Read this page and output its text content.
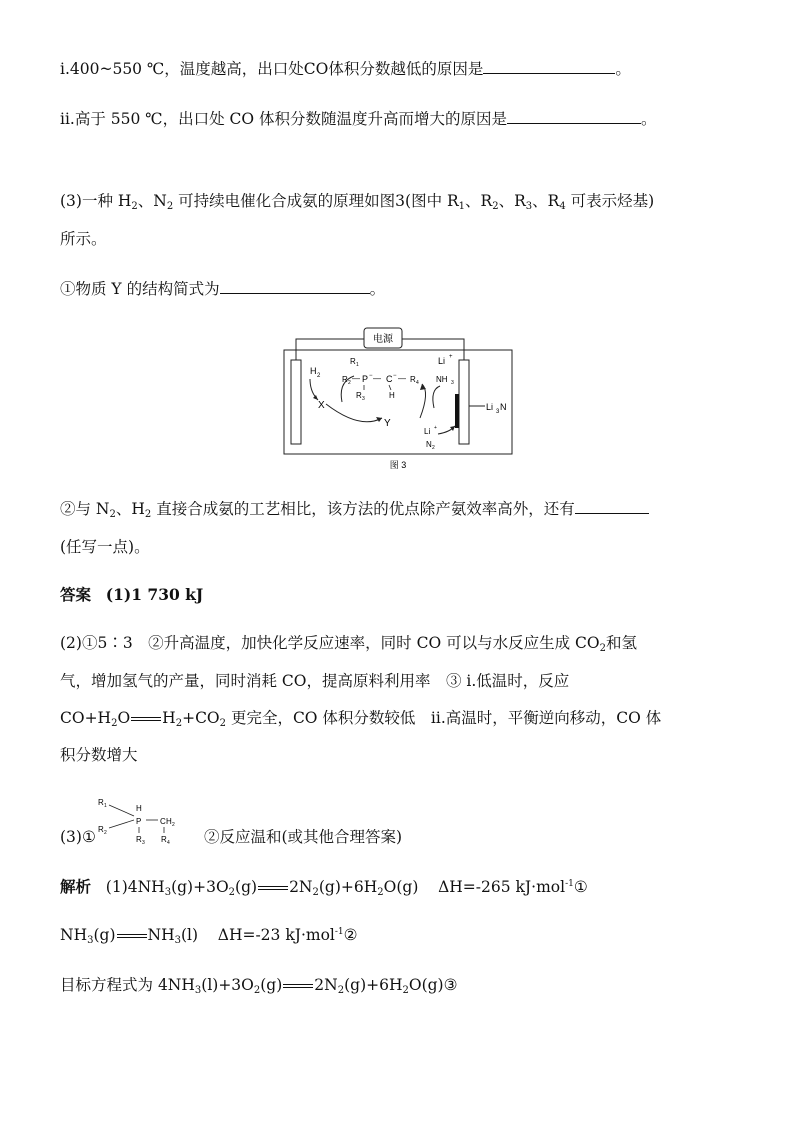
ⅰ.400~550 ℃，温度越高，出口处CO体积分数越低的原因是	。
ⅱ.高于 550 ℃，出口处 CO 体积分数随温度升高而增大的原因是	。
(3)一种 $H_2$、$N_2$ 可持续电催化合成氨的原理如图3(图中 $R_1$、$R_2$、$R_3$、$R_4$ 可表示烃基)
所示。
①物质 Y 的结构简式为	。
电源
Li 3 N
H 2
X
R 1
R 2 — P − — C − — R 4
R 3	H
Y
Li +
NH 3
Li +
N 2
图 3
②与 $N_2$、$H_2$ 直接合成氨的工艺相比，该方法的优点除产氨效率高外，还有
(任写一点)。
答案 (1)1 730 kJ
(2)①5∶3　②升高温度，加快化学反应速率，同时 CO 可以与水反应生成 $CO_2$和氢
气，增加氢气的产量，同时消耗 CO，提高原料利用率　③ ⅰ.低温时，反应
$CO+H_2O$ $H_2+CO_2$ 更完全，CO 体积分数较低　ⅱ.高温时，平衡逆向移动，CO 体
积分数增大
(3)①
R 1	H
P
R 2
C H 2
R 3 R 4 ②反应温和(或其他合理答案)
解析 $(1)4NH_3(g)+3O_2(g)$ $2N_2(g)+6H_2O(g)$ ΔH=-265 kJ·mol$^{-1}$①
$NH_3(g)$ $NH_3(l)$ ΔH=-23 kJ·mol$^{-1}$②
目标方程式为 $4NH_3(l)+3O_2(g)$ $2N_2(g)+6H_2O(g)③$
